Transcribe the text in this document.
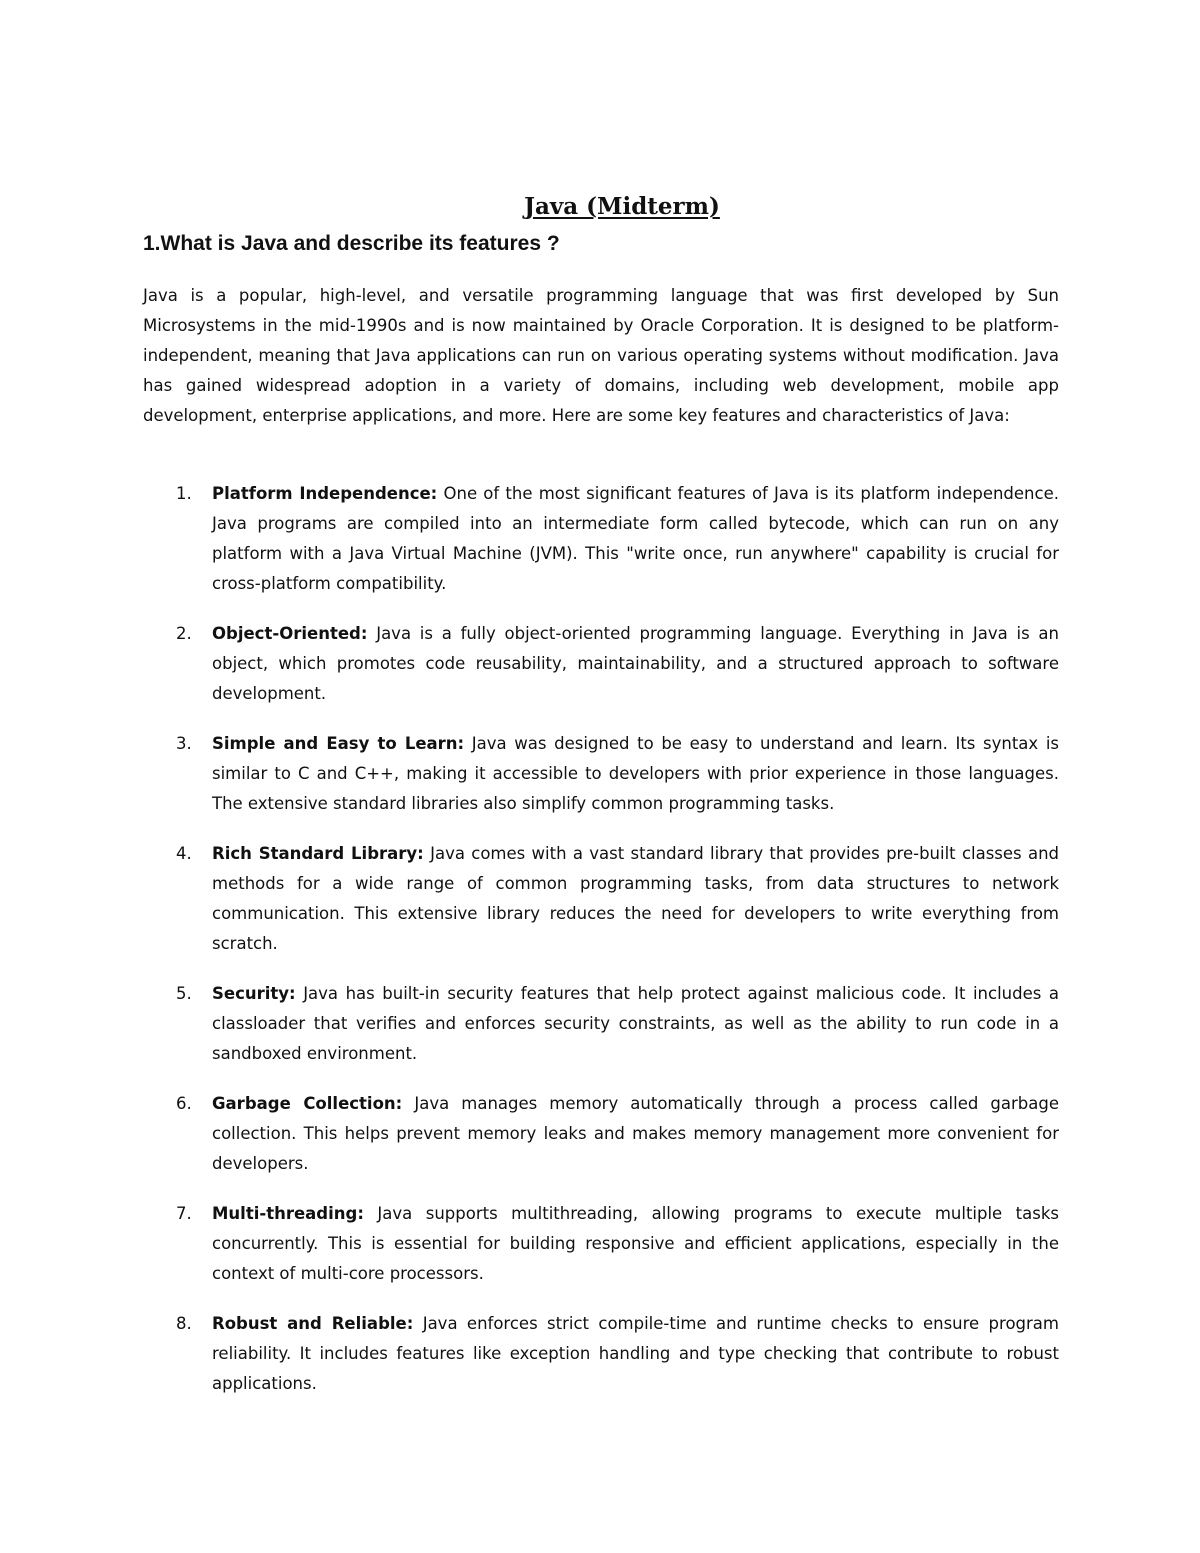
Java (Midterm)
1.What is Java and describe its features ?

Java is a popular, high-level, and versatile programming language that was first developed by Sun Microsystems in the mid-1990s and is now maintained by Oracle Corporation. It is designed to be platform-independent, meaning that Java applications can run on various operating systems without modification. Java has gained widespread adoption in a variety of domains, including web development, mobile app development, enterprise applications, and more. Here are some key features and characteristics of Java:

1.	Platform Independence: One of the most significant features of Java is its platform independence. Java programs are compiled into an intermediate form called bytecode, which can run on any platform with a Java Virtual Machine (JVM). This "write once, run anywhere" capability is crucial for cross-platform compatibility.
2.	Object-Oriented: Java is a fully object-oriented programming language. Everything in Java is an object, which promotes code reusability, maintainability, and a structured approach to software development.
3.	Simple and Easy to Learn: Java was designed to be easy to understand and learn. Its syntax is similar to C and C++, making it accessible to developers with prior experience in those languages. The extensive standard libraries also simplify common programming tasks.
4.	Rich Standard Library: Java comes with a vast standard library that provides pre-built classes and methods for a wide range of common programming tasks, from data structures to network communication. This extensive library reduces the need for developers to write everything from scratch.
5.	Security: Java has built-in security features that help protect against malicious code. It includes a classloader that verifies and enforces security constraints, as well as the ability to run code in a sandboxed environment.
6.	Garbage Collection: Java manages memory automatically through a process called garbage collection. This helps prevent memory leaks and makes memory management more convenient for developers.
7.	Multi-threading: Java supports multithreading, allowing programs to execute multiple tasks concurrently. This is essential for building responsive and efficient applications, especially in the context of multi-core processors.
8.	Robust and Reliable: Java enforces strict compile-time and runtime checks to ensure program reliability. It includes features like exception handling and type checking that contribute to robust applications.
